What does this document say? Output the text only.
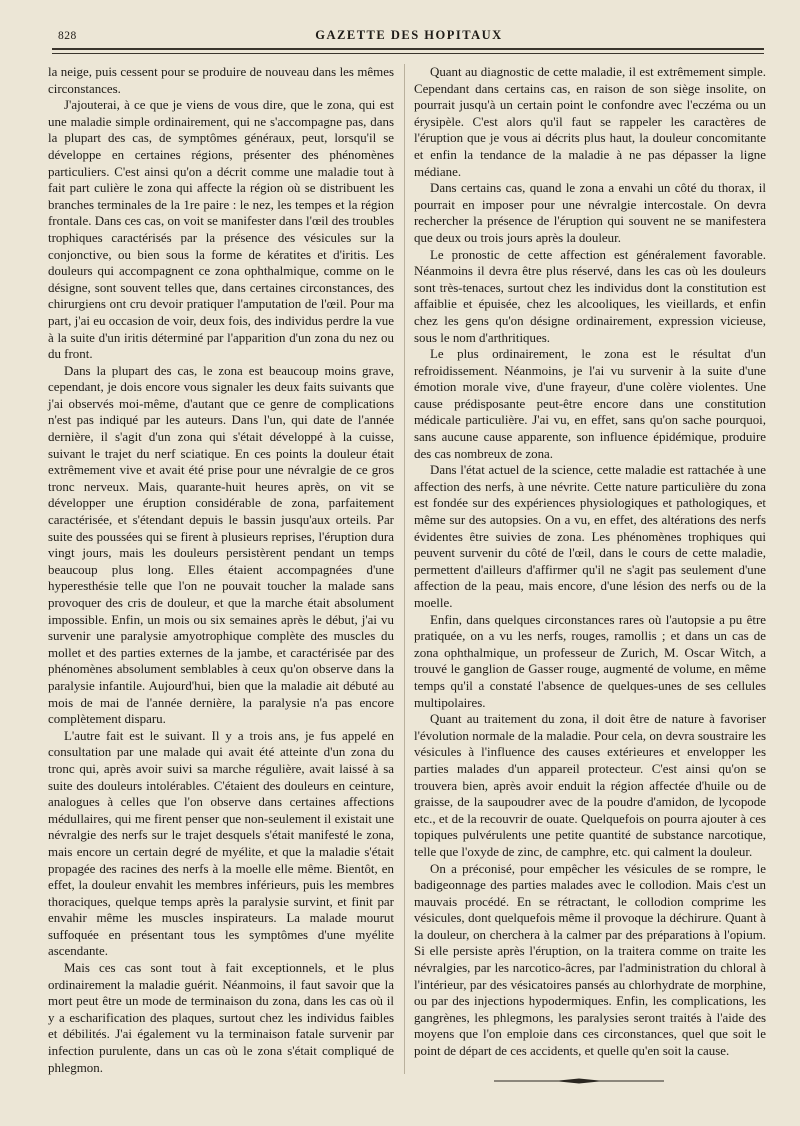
828	GAZETTE DES HOPITAUX

la neige, puis cessent pour se produire de nouveau dans les mêmes circonstances.

J'ajouterai, à ce que je viens de vous dire, que le zona, qui est une maladie simple ordinairement, qui ne s'accompagne pas, dans la plupart des cas, de symptômes généraux, peut, lorsqu'il se développe en certaines régions, présenter des phénomènes particuliers. C'est ainsi qu'on a décrit comme une maladie tout à fait part culière le zona qui affecte la région où se distribuent les branches terminales de la 1re paire : le nez, les tempes et la région frontale. Dans ces cas, on voit se manifester dans l'œil des troubles trophiques caractérisés par la présence des vésicules sur la conjonctive, ou bien sous la forme de kératites et d'iritis. Les douleurs qui accompagnent ce zona ophthalmique, comme on le désigne, sont souvent telles que, dans certaines circonstances, des chirurgiens ont cru devoir pratiquer l'amputation de l'œil. Pour ma part, j'ai eu occasion de voir, deux fois, des individus perdre la vue à la suite d'un iritis déterminé par l'apparition d'un zona du nez ou du front.

Dans la plupart des cas, le zona est beaucoup moins grave, cependant, je dois encore vous signaler les deux faits suivants que j'ai observés moi-même, d'autant que ce genre de complications n'est pas indiqué par les auteurs. Dans l'un, qui date de l'année dernière, il s'agit d'un zona qui s'était développé à la cuisse, suivant le trajet du nerf sciatique. En ces points la douleur était extrêmement vive et avait été prise pour une névralgie de ce gros tronc nerveux. Mais, quarante-huit heures après, on vit se développer une éruption considérable de zona, parfaitement caractérisée, et s'étendant depuis le bassin jusqu'aux orteils. Par suite des poussées qui se firent à plusieurs reprises, l'éruption dura vingt jours, mais les douleurs persistèrent pendant un temps beaucoup plus long. Elles étaient accompagnées d'une hyperesthésie telle que l'on ne pouvait toucher la malade sans provoquer des cris de douleur, et que la marche était absolument impossible. Enfin, un mois ou six semaines après le début, j'ai vu survenir une paralysie amyotrophique complète des muscles du mollet et des parties externes de la jambe, et caractérisée par des phénomènes absolument semblables à ceux qu'on observe dans la paralysie infantile. Aujourd'hui, bien que la maladie ait débuté au mois de mai de l'année dernière, la paralysie n'a pas encore complètement disparu.

L'autre fait est le suivant. Il y a trois ans, je fus appelé en consultation par une malade qui avait été atteinte d'un zona du tronc qui, après avoir suivi sa marche régulière, avait laissé à sa suite des douleurs intolérables. C'étaient des douleurs en ceinture, analogues à celles que l'on observe dans certaines affections médullaires, qui me firent penser que non-seulement il existait une névralgie des nerfs sur le trajet desquels s'était manifesté le zona, mais encore un certain degré de myélite, et que la maladie s'était propagée des racines des nerfs à la moelle elle même. Bientôt, en effet, la douleur envahit les membres inférieurs, puis les membres thoraciques, quelque temps après la paralysie survint, et finit par envahir même les muscles inspirateurs. La malade mourut suffoquée en présentant tous les symptômes d'une myélite ascendante.

Mais ces cas sont tout à fait exceptionnels, et le plus ordinairement la maladie guérit. Néanmoins, il faut savoir que la mort peut être un mode de terminaison du zona, dans les cas où il y a escharification des plaques, surtout chez les individus faibles et débilités. J'ai également vu la terminaison fatale survenir par infection purulente, dans un cas où le zona s'était compliqué de phlegmon.

Quant au diagnostic de cette maladie, il est extrêmement simple. Cependant dans certains cas, en raison de son siège insolite, on pourrait jusqu'à un certain point le confondre avec l'eczéma ou un érysipèle. C'est alors qu'il faut se rappeler les caractères de l'éruption que je vous ai décrits plus haut, la douleur concomitante et enfin la tendance de la maladie à ne pas dépasser la ligne médiane.

Dans certains cas, quand le zona a envahi un côté du thorax, il pourrait en imposer pour une névralgie intercostale. On devra rechercher la présence de l'éruption qui souvent ne se manifestera que deux ou trois jours après la douleur.

Le pronostic de cette affection est généralement favorable. Néanmoins il devra être plus réservé, dans les cas où les douleurs sont très-tenaces, surtout chez les individus dont la constitution est affaiblie et épuisée, chez les alcooliques, les vieillards, et enfin chez les gens qu'on désigne ordinairement, expression vicieuse, sous le nom d'arthritiques.

Le plus ordinairement, le zona est le résultat d'un refroidissement. Néanmoins, je l'ai vu survenir à la suite d'une émotion morale vive, d'une frayeur, d'une colère violentes. Une cause prédisposante peut-être encore dans une constitution médicale particulière. J'ai vu, en effet, sans qu'on sache pourquoi, sans aucune cause apparente, son influence épidémique, produire des cas nombreux de zona.

Dans l'état actuel de la science, cette maladie est rattachée à une affection des nerfs, à une névrite. Cette nature particulière du zona est fondée sur des expériences physiologiques et pathologiques, et même sur des autopsies. On a vu, en effet, des altérations des nerfs évidentes être suivies de zona. Les phénomènes trophiques qui peuvent survenir du côté de l'œil, dans le cours de cette maladie, permettent d'ailleurs d'affirmer qu'il ne s'agit pas seulement d'une affection de la peau, mais encore, d'une lésion des nerfs ou de la moelle.

Enfin, dans quelques circonstances rares où l'autopsie a pu être pratiquée, on a vu les nerfs, rouges, ramollis ; et dans un cas de zona ophthalmique, un professeur de Zurich, M. Oscar Witch, a trouvé le ganglion de Gasser rouge, augmenté de volume, en même temps qu'il a constaté l'absence de quelques-unes de ses cellules multipolaires.

Quant au traitement du zona, il doit être de nature à favoriser l'évolution normale de la maladie. Pour cela, on devra soustraire les vésicules à l'influence des causes extérieures et envelopper les parties malades d'un appareil protecteur. C'est ainsi qu'on se trouvera bien, après avoir enduit la région affectée d'huile ou de graisse, de la saupoudrer avec de la poudre d'amidon, de lycopode etc., et de la recouvrir de ouate. Quelquefois on pourra ajouter à ces topiques pulvérulents une petite quantité de substance narcotique, telle que l'oxyde de zinc, de camphre, etc. qui calment la douleur.

On a préconisé, pour empêcher les vésicules de se rompre, le badigeonnage des parties malades avec le collodion. Mais c'est un mauvais procédé. En se rétractant, le collodion comprime les vésicules, dont quelquefois même il provoque la déchirure. Quant à la douleur, on cherchera à la calmer par des préparations à l'opium. Si elle persiste après l'éruption, on la traitera comme on traite les névralgies, par les narcotico-âcres, par l'administration du chloral à l'intérieur, par des vésicatoires pansés au chlorhydrate de morphine, ou par des injections hypodermiques. Enfin, les complications, les gangrènes, les phlegmons, les paralysies seront traités à l'aide des moyens que l'on emploie dans ces circonstances, quel que soit le point de départ de ces accidents, et quelle qu'en soit la cause.
